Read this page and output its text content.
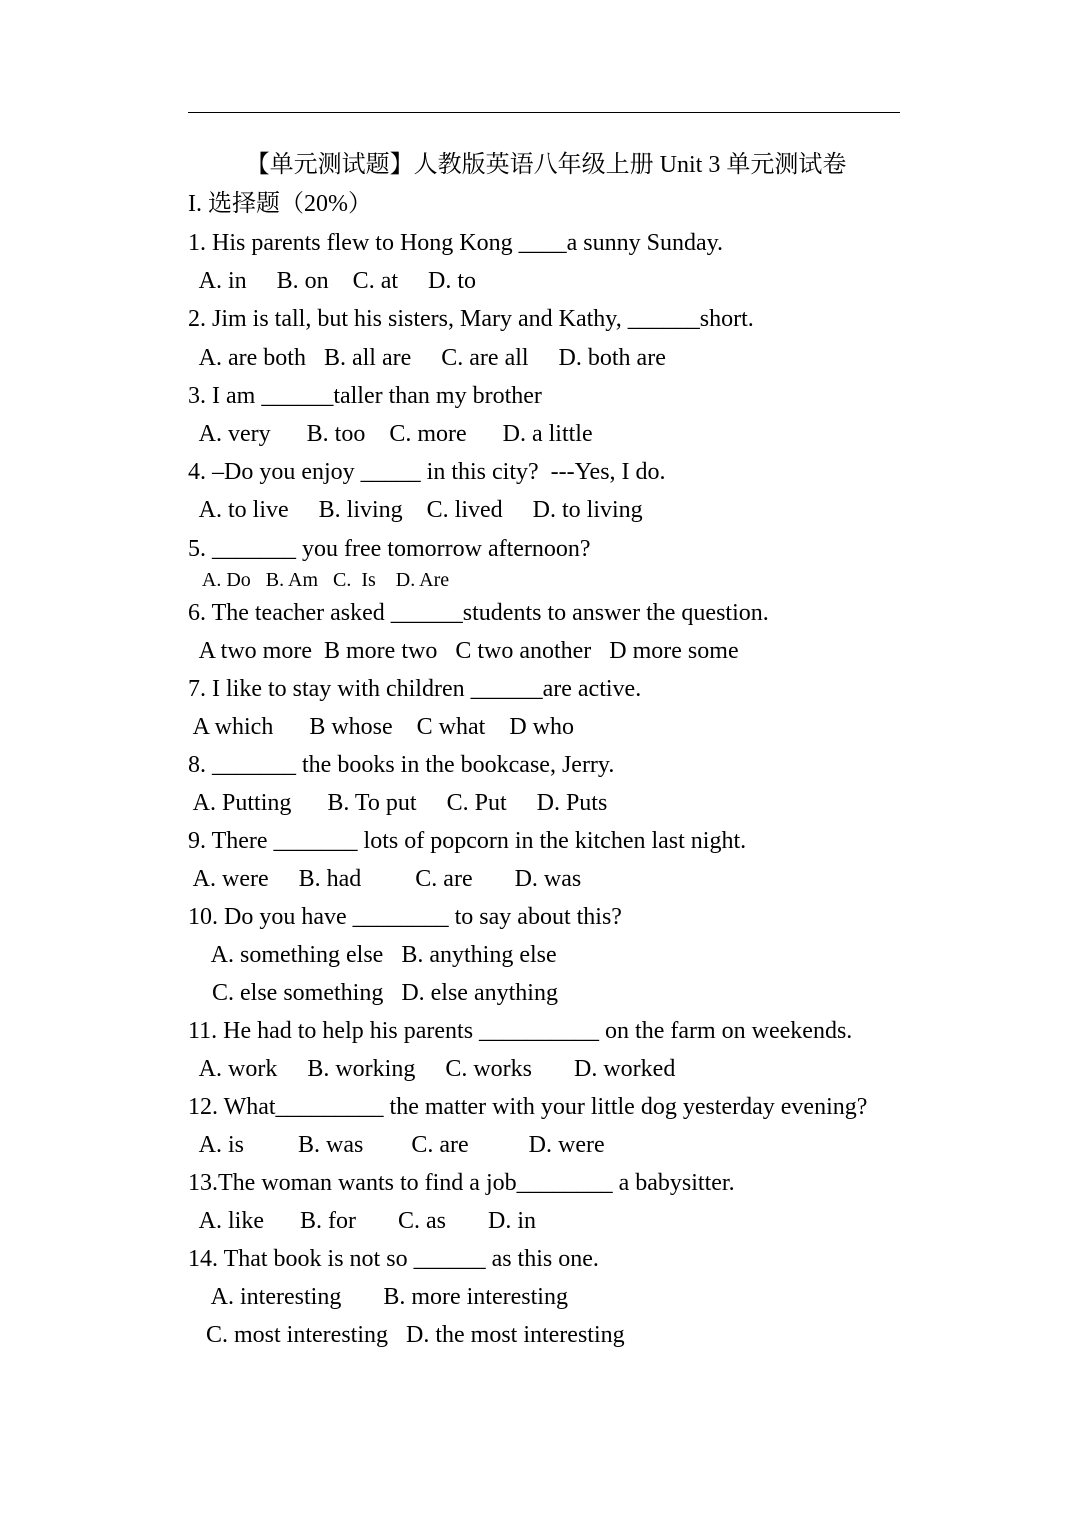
【单元测试题】人教版英语八年级上册 Unit 3 单元测试卷
I. 选择题（20%）
1. His parents flew to Hong Kong ____a sunny Sunday.
A. in     B. on    C. at     D. to
2. Jim is tall, but his sisters, Mary and Kathy, ______short.
A. are both   B. all are     C. are all     D. both are
3. I am ______taller than my brother
A. very      B. too    C. more      D. a little
4. –Do you enjoy _____ in this city?  ---Yes, I do.
A. to live     B. living    C. lived     D. to living
5. _______ you free tomorrow afternoon?
A. Do   B. Am   C.  Is    D. Are
6. The teacher asked ______students to answer the question.
A two more  B more two   C two another   D more some
7. I like to stay with children ______are active.
A which      B whose    C what    D who
8. _______ the books in the bookcase, Jerry.
A. Putting      B. To put     C. Put     D. Puts
9. There _______ lots of popcorn in the kitchen last night.
A. were     B. had         C. are       D. was
10. Do you have ________ to say about this?
A. something else   B. anything else
C. else something   D. else anything
11. He had to help his parents __________ on the farm on weekends.
A. work     B. working     C. works       D. worked
12. What_________ the matter with your little dog yesterday evening?
A. is         B. was        C. are          D. were
13.The woman wants to find a job________ a babysitter.
A. like      B. for       C. as       D. in
14. That book is not so ______ as this one.
A. interesting       B. more interesting
C. most interesting   D. the most interesting
